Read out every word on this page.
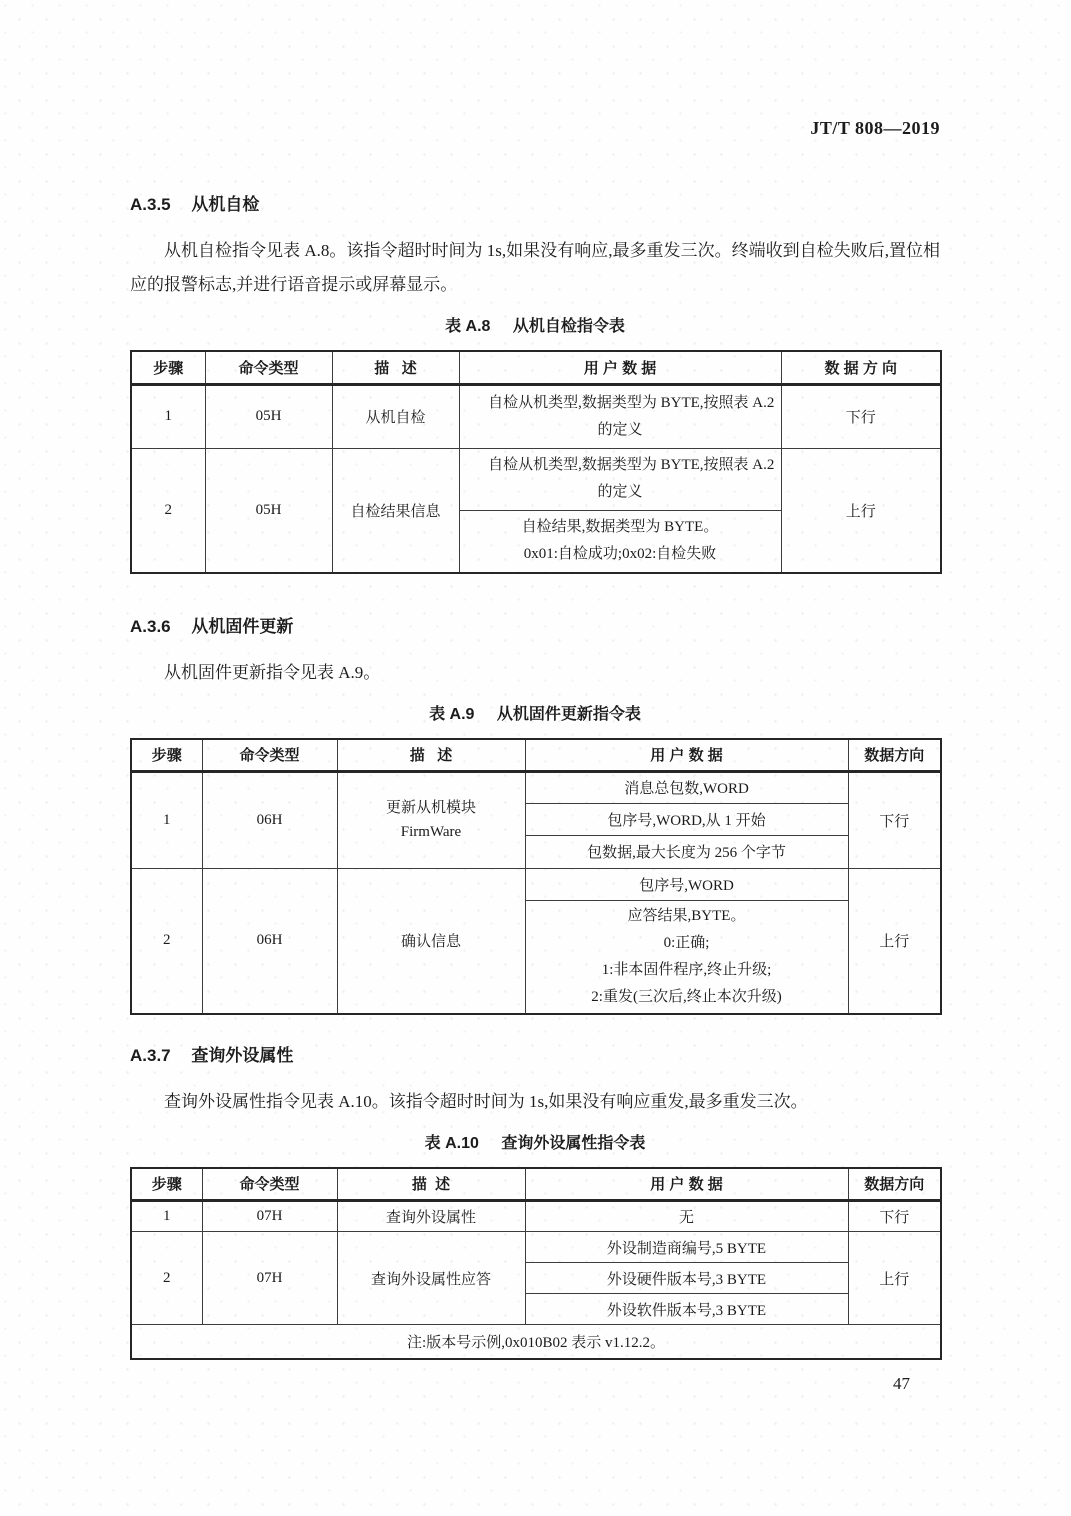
JT/T 808—2019
A.3.5 从机自检

从机自检指令见表 A.8。该指令超时时间为 1s,如果没有响应,最多重发三次。终端收到自检失败后,置位相应的报警标志,并进行语音提示或屏幕显示。

表 A.8 从机自检指令表
步骤	命令类型	描   述	用 户 数 据	数 据 方 向
1	05H	从机自检	自检从机类型,数据类型为 BYTE,按照表 A.2 的定义	下行
2	05H	自检结果信息	自检从机类型,数据类型为 BYTE,按照表 A.2 的定义	上行

			自检结果,数据类型为 BYTE。
0x01:自检成功;0x02:自检失败	
A.3.6 从机固件更新

从机固件更新指令见表 A.9。

表 A.9 从机固件更新指令表
步骤	命令类型	描   述	用 户 数 据	数据方向
1	06H	更新从机模块
FirmWare	消息总包数,WORD	下行
			包序号,WORD,从 1 开始	
			包数据,最大长度为 256 个字节	
2	06H	确认信息	包序号,WORD	上行

			应答结果,BYTE。
0:正确;
1:非本固件程序,终止升级;
2:重发(三次后,终止本次升级)	
A.3.7 查询外设属性

查询外设属性指令见表 A.10。该指令超时时间为 1s,如果没有响应重发,最多重发三次。

表 A.10 查询外设属性指令表
步骤	命令类型	描  述	用 户 数 据	数据方向
1	07H	查询外设属性	无	下行
2	07H	查询外设属性应答	外设制造商编号,5 BYTE	上行
			外设硬件版本号,3 BYTE	
			外设软件版本号,3 BYTE	
注:版本号示例,0x010B02 表示 v1.12.2。				
47
